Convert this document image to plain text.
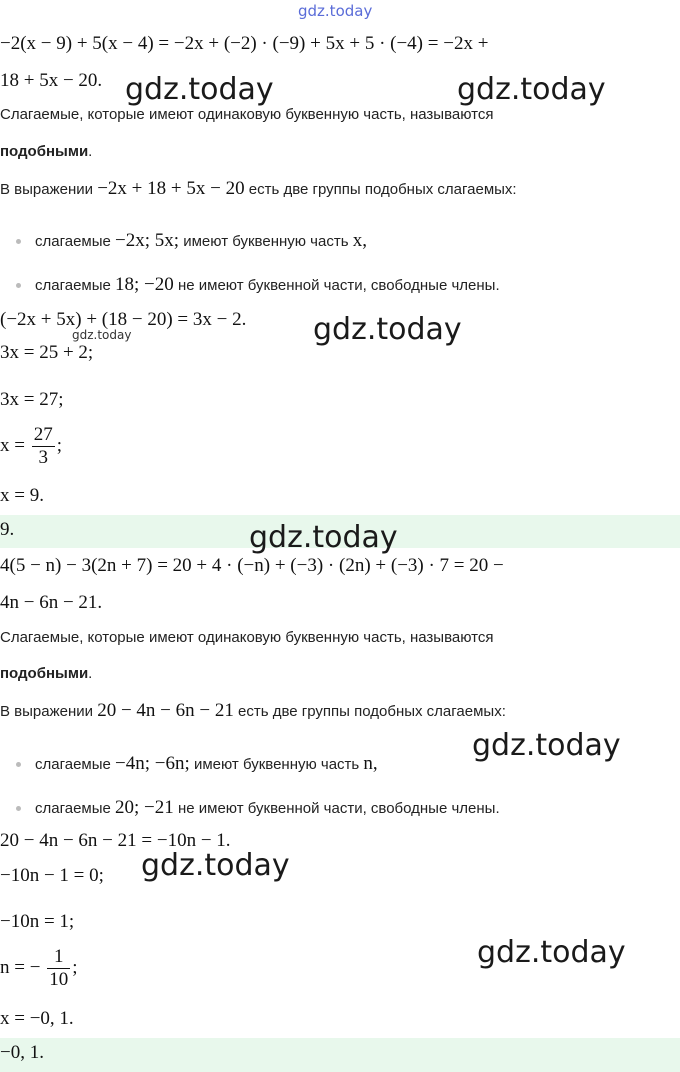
gdz.today
−2(x − 9) + 5(x − 4) = −2x + (−2) · (−9) + 5x + 5 · (−4) = −2x +
18 + 5x − 20.
Слагаемые, которые имеют одинаковую буквенную часть, называются
подобными.
В выражении −2x + 18 + 5x − 20 есть две группы подобных слагаемых:
слагаемые −2x; 5x; имеют буквенную часть x,
слагаемые 18; −20 не имеют буквенной части, свободные члены.
(−2x + 5x) + (18 − 20) = 3x − 2.
3x = 25 + 2;
3x = 27;
$x = \frac{27}{3}$ ;
x = 9.
9.
4(5 − n) − 3(2n + 7) = 20 + 4 · (−n) + (−3) · (2n) + (−3) · 7 = 20 −
4n − 6n − 21.
Слагаемые, которые имеют одинаковую буквенную часть, называются
подобными.
В выражении 20 − 4n − 6n − 21 есть две группы подобных слагаемых:
слагаемые −4n; −6n; имеют буквенную часть n,
слагаемые 20; −21 не имеют буквенной части, свободные члены.
20 − 4n − 6n − 21 = −10n − 1.
−10n − 1 = 0;
−10n = 1;
n = − $\frac{1}{10}$ ;
x = −0, 1.
−0, 1.
gdz.today	gdz.today
gdz.today
gdz.today
gdz.today
gdz.today
gdz.today
gdz.today
